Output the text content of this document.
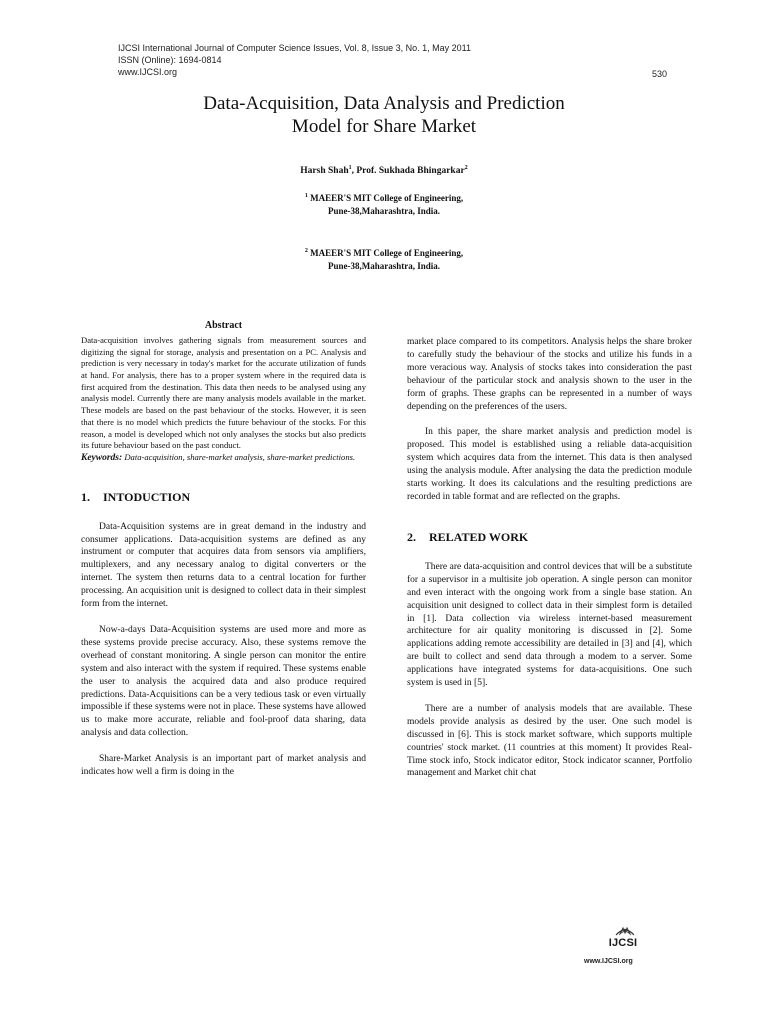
IJCSI International Journal of Computer Science Issues, Vol. 8, Issue 3, No. 1, May 2011
ISSN (Online): 1694-0814
www.IJCSI.org	530
Data-Acquisition, Data Analysis and Prediction
Model for Share Market
Harsh Shah$^1$, Prof. Sukhada Bhingarkar$^2$
$^1$ MAEER'S MIT College of Engineering,
Pune-38,Maharashtra, India.
$^2$ MAEER'S MIT College of Engineering,
Pune-38,Maharashtra, India.
Abstract

Data-acquisition involves gathering signals from measurement sources and digitizing the signal for storage, analysis and presentation on a PC. Analysis and prediction is very necessary in today's market for the accurate utilization of funds at hand. For analysis, there has to a proper system where in the required data is first acquired from the destination. This data then needs to be analysed using any analysis model. Currently there are many analysis models available in the market. These models are based on the past behaviour of the stocks. However, it is seen that there is no model which predicts the future behaviour of the stocks. For this reason, a model is developed which not only analyses the stocks but also predicts its future behaviour based on the past conduct.

Keywords: Data-acquisition, share-market analysis, share-market predictions.

1. INTODUCTION

Data-Acquisition systems are in great demand in the industry and consumer applications. Data-acquisition systems are defined as any instrument or computer that acquires data from sensors via amplifiers, multiplexers, and any necessary analog to digital converters or the internet. The system then returns data to a central location for further processing. An acquisition unit is designed to collect data in their simplest form from the internet.

Now-a-days Data-Acquisition systems are used more and more as these systems provide precise accuracy. Also, these systems remove the overhead of constant monitoring. A single person can monitor the entire system and also interact with the system if required. These systems enable the user to analysis the acquired data and also produce required predictions. Data-Acquisitions can be a very tedious task or even virtually impossible if these systems were not in place. These systems have allowed us to make more accurate, reliable and fool-proof data sharing, data analysis and data collection.

Share-Market Analysis is an important part of market analysis and indicates how well a firm is doing in the

market place compared to its competitors. Analysis helps the share broker to carefully study the behaviour of the stocks and utilize his funds in a more veracious way. Analysis of stocks takes into consideration the past behaviour of the particular stock and analysis shown to the user in the form of graphs. These graphs can be represented in a number of ways depending on the preferences of the users.

In this paper, the share market analysis and prediction model is proposed. This model is established using a reliable data-acquisition system which acquires data from the internet. This data is then analysed using the analysis module. After analysing the data the prediction module starts working. It does its calculations and the resulting predictions are recorded in table format and are reflected on the graphs.

2. RELATED WORK

There are data-acquisition and control devices that will be a substitute for a supervisor in a multisite job operation. A single person can monitor and even interact with the ongoing work from a single base station. An acquisition unit designed to collect data in their simplest form is detailed in [1]. Data collection via wireless internet-based measurement architecture for air quality monitoring is discussed in [2]. Some applications adding remote accessibility are detailed in [3] and [4], which are built to collect and send data through a modem to a server. Some applications have integrated systems for data-acquisitions. One such system is used in [5].

There are a number of analysis models that are available. These models provide analysis as desired by the user. One such model is discussed in [6]. This is stock market software, which supports multiple countries' stock market. (11 countries at this moment) It provides Real-Time stock info, Stock indicator editor, Stock indicator scanner, Portfolio management and Market chit chat

IJCSI
www.IJCSI.org
